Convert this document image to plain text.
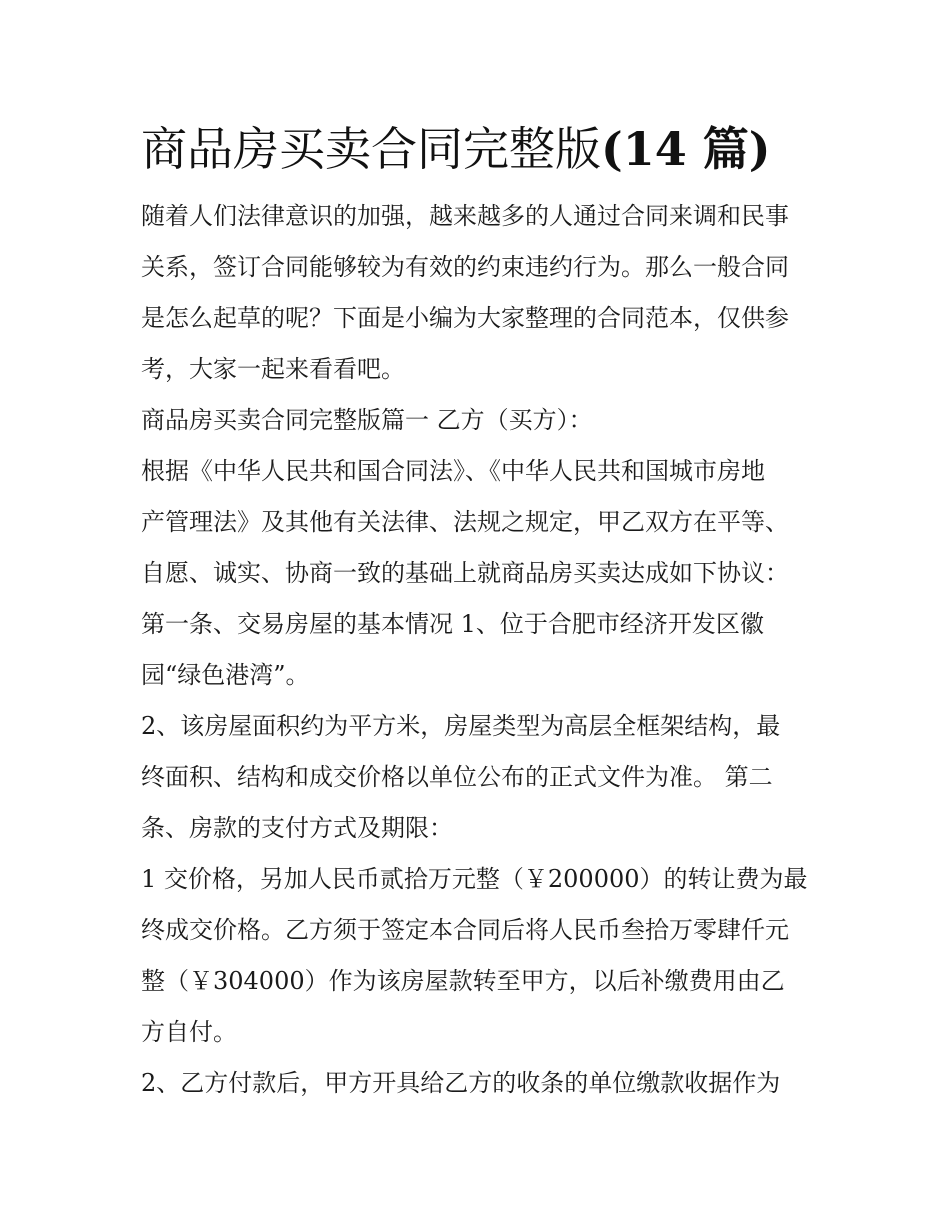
商品房买卖合同完整版(14 篇)
随着人们法律意识的加强，越来越多的人通过合同来调和民事
关系，签订合同能够较为有效的约束违约行为。那么一般合同
是怎么起草的呢？下面是小编为大家整理的合同范本，仅供参
考，大家一起来看看吧。
商品房买卖合同完整版篇一 乙方（买方）：
根据《中华人民共和国合同法》、《中华人民共和国城市房地
产管理法》及其他有关法律、法规之规定，甲乙双方在平等、
自愿、诚实、协商一致的基础上就商品房买卖达成如下协议：
第一条、交易房屋的基本情况 1、位于合肥市经济开发区徽
园“绿色港湾”。
2、该房屋面积约为平方米，房屋类型为高层全框架结构，最
终面积、结构和成交价格以单位公布的正式文件为准。 第二
条、房款的支付方式及期限：
1 交价格，另加人民币贰拾万元整（￥200000）的转让费为最
终成交价格。乙方须于签定本合同后将人民币叁拾万零肆仟元
整（￥304000）作为该房屋款转至甲方，以后补缴费用由乙
方自付。
2、乙方付款后，甲方开具给乙方的收条的单位缴款收据作为
